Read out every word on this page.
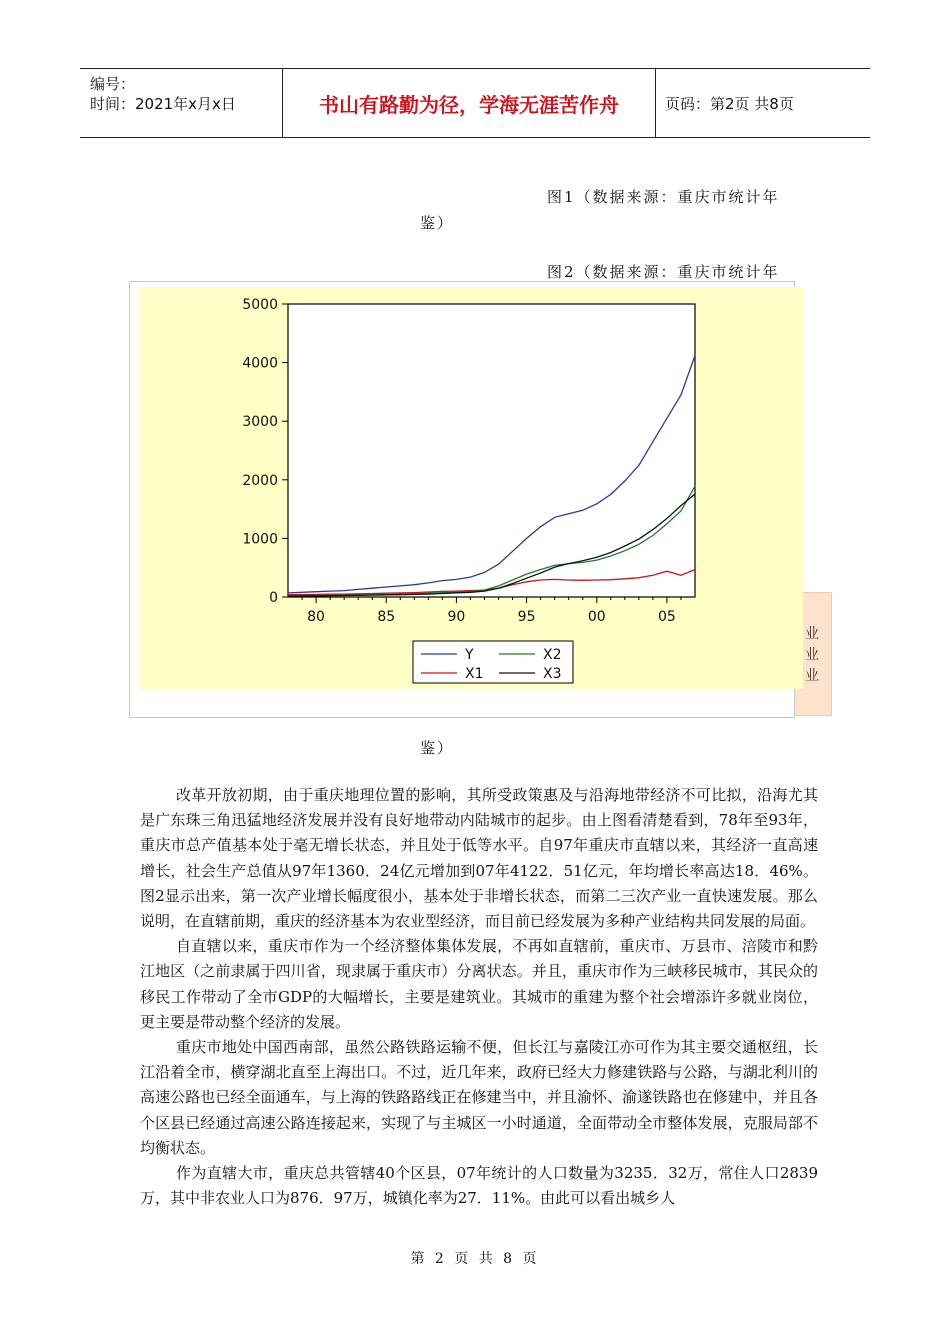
编号：
时间：2021年x月x日	书山有路勤为径，学海无涯苦作舟	页码：第2页 共8页
图1（数据来源：重庆市统计年
鉴）
图2（数据来源：重庆市统计年
业
业
业
0
1000
2000
3000
4000
5000
80	85	90	95	00	05
Y	X2
X1	X3
鉴）

改革开放初期，由于重庆地理位置的影响，其所受政策惠及与沿海地带经济不可比拟，沿海尤其是广东珠三角迅猛地经济发展并没有良好地带动内陆城市的起步。由上图看清楚看到，78年至93年，重庆市总产值基本处于毫无增长状态，并且处于低等水平。自97年重庆市直辖以来，其经济一直高速增长，社会生产总值从97年1360．24亿元增加到07年4122．51亿元，年均增长率高达18．46%。图2显示出来，第一次产业增长幅度很小，基本处于非增长状态，而第二三次产业一直快速发展。那么说明，在直辖前期，重庆的经济基本为农业型经济，而目前已经发展为多种产业结构共同发展的局面。

自直辖以来，重庆市作为一个经济整体集体发展，不再如直辖前，重庆市、万县市、涪陵市和黔江地区（之前隶属于四川省，现隶属于重庆市）分离状态。并且，重庆市作为三峡移民城市，其民众的移民工作带动了全市GDP的大幅增长，主要是建筑业。其城市的重建为整个社会增添许多就业岗位，更主要是带动整个经济的发展。

重庆市地处中国西南部，虽然公路铁路运输不便，但长江与嘉陵江亦可作为其主要交通枢纽，长江沿着全市，横穿湖北直至上海出口。不过，近几年来，政府已经大力修建铁路与公路，与湖北利川的高速公路也已经全面通车，与上海的铁路路线正在修建当中，并且渝怀、渝遂铁路也在修建中，并且各个区县已经通过高速公路连接起来，实现了与主城区一小时通道，全面带动全市整体发展，克服局部不均衡状态。

作为直辖大市，重庆总共管辖40个区县，07年统计的人口数量为3235．32万，常住人口2839万，其中非农业人口为876．97万，城镇化率为27．11%。由此可以看出城乡人

第 2 页 共 8 页
